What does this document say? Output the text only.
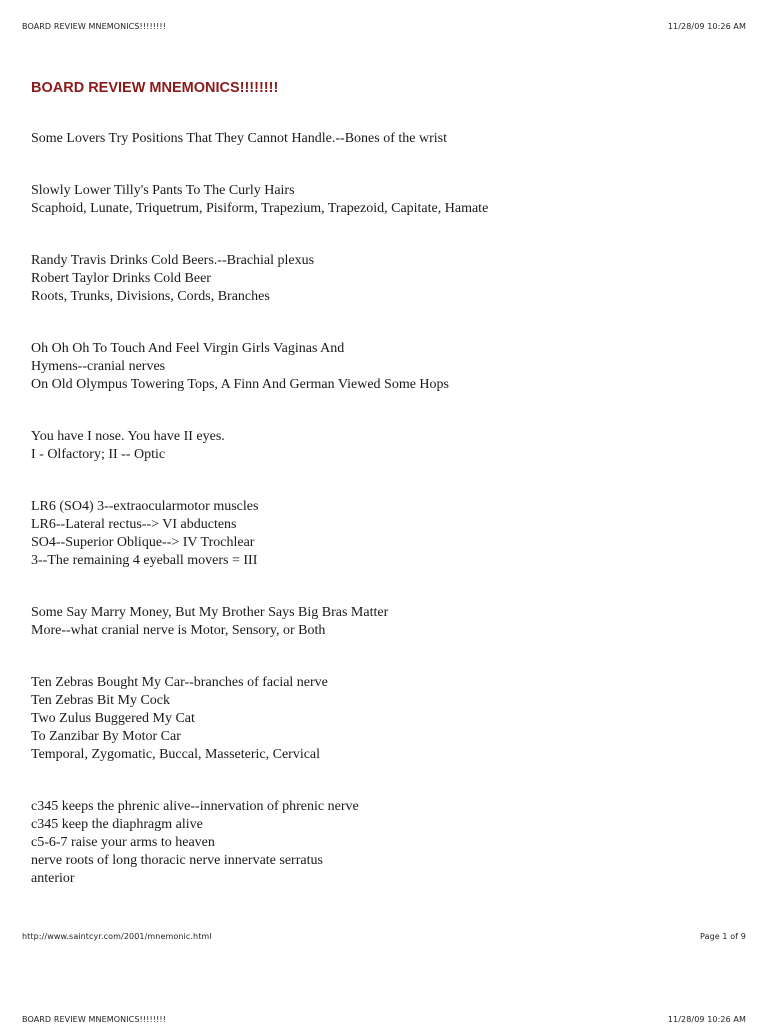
BOARD REVIEW MNEMONICS!!!!!!!!	11/28/09 10:26 AM
BOARD REVIEW MNEMONICS!!!!!!!!
Some Lovers Try Positions That They Cannot Handle.--Bones of the wrist
Slowly Lower Tilly's Pants To The Curly Hairs
Scaphoid, Lunate, Triquetrum, Pisiform, Trapezium, Trapezoid, Capitate, Hamate
Randy Travis Drinks Cold Beers.--Brachial plexus
Robert Taylor Drinks Cold Beer
Roots, Trunks, Divisions, Cords, Branches
Oh Oh Oh To Touch And Feel Virgin Girls Vaginas And
Hymens--cranial nerves
On Old Olympus Towering Tops, A Finn And German Viewed Some Hops
You have I nose. You have II eyes.
I - Olfactory; II -- Optic
LR6 (SO4) 3--extraocularmotor muscles
LR6--Lateral rectus--> VI abductens
SO4--Superior Oblique--> IV Trochlear
3--The remaining 4 eyeball movers = III
Some Say Marry Money, But My Brother Says Big Bras Matter
More--what cranial nerve is Motor, Sensory, or Both
Ten Zebras Bought My Car--branches of facial nerve
Ten Zebras Bit My Cock
Two Zulus Buggered My Cat
To Zanzibar By Motor Car
Temporal, Zygomatic, Buccal, Masseteric, Cervical
c345 keeps the phrenic alive--innervation of phrenic nerve
c345 keep the diaphragm alive
c5-6-7 raise your arms to heaven
nerve roots of long thoracic nerve innervate serratus
anterior
http://www.saintcyr.com/2001/mnemonic.html	Page 1 of 9
BOARD REVIEW MNEMONICS!!!!!!!!	11/28/09 10:26 AM
